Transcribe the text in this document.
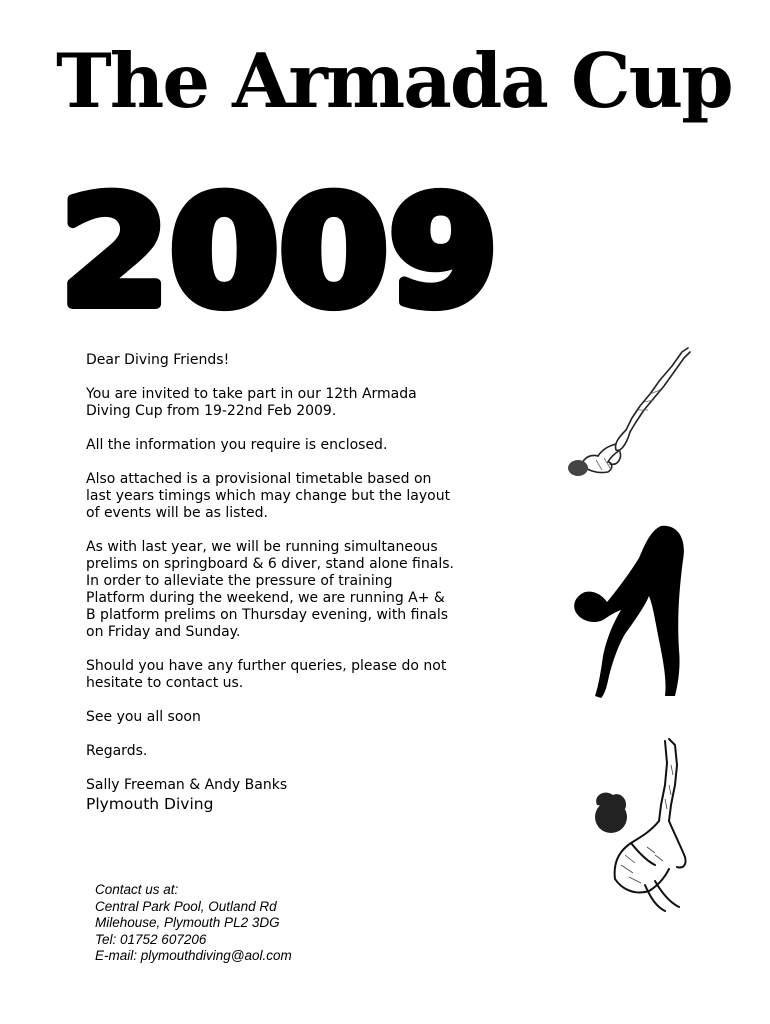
The Armada Cup
2009

Dear Diving Friends!

You are invited to take part in our 12th Armada Diving Cup from 19-22nd Feb 2009.

All the information you require is enclosed.

Also attached is a provisional timetable based on last years timings which may change but the layout of events will be as listed.

As with last year, we will be running simultaneous prelims on springboard & 6 diver, stand alone finals. In order to alleviate the pressure of training Platform during the weekend, we are running A+ & B platform prelims on Thursday evening, with finals on Friday and Sunday.

Should you have any further queries, please do not hesitate to contact us.

See you all soon

Regards.

Sally Freeman & Andy Banks

Plymouth Diving

Contact us at:
Central Park Pool, Outland Rd
Milehouse, Plymouth PL2 3DG
Tel: 01752 607206
E-mail: plymouthdiving@aol.com
